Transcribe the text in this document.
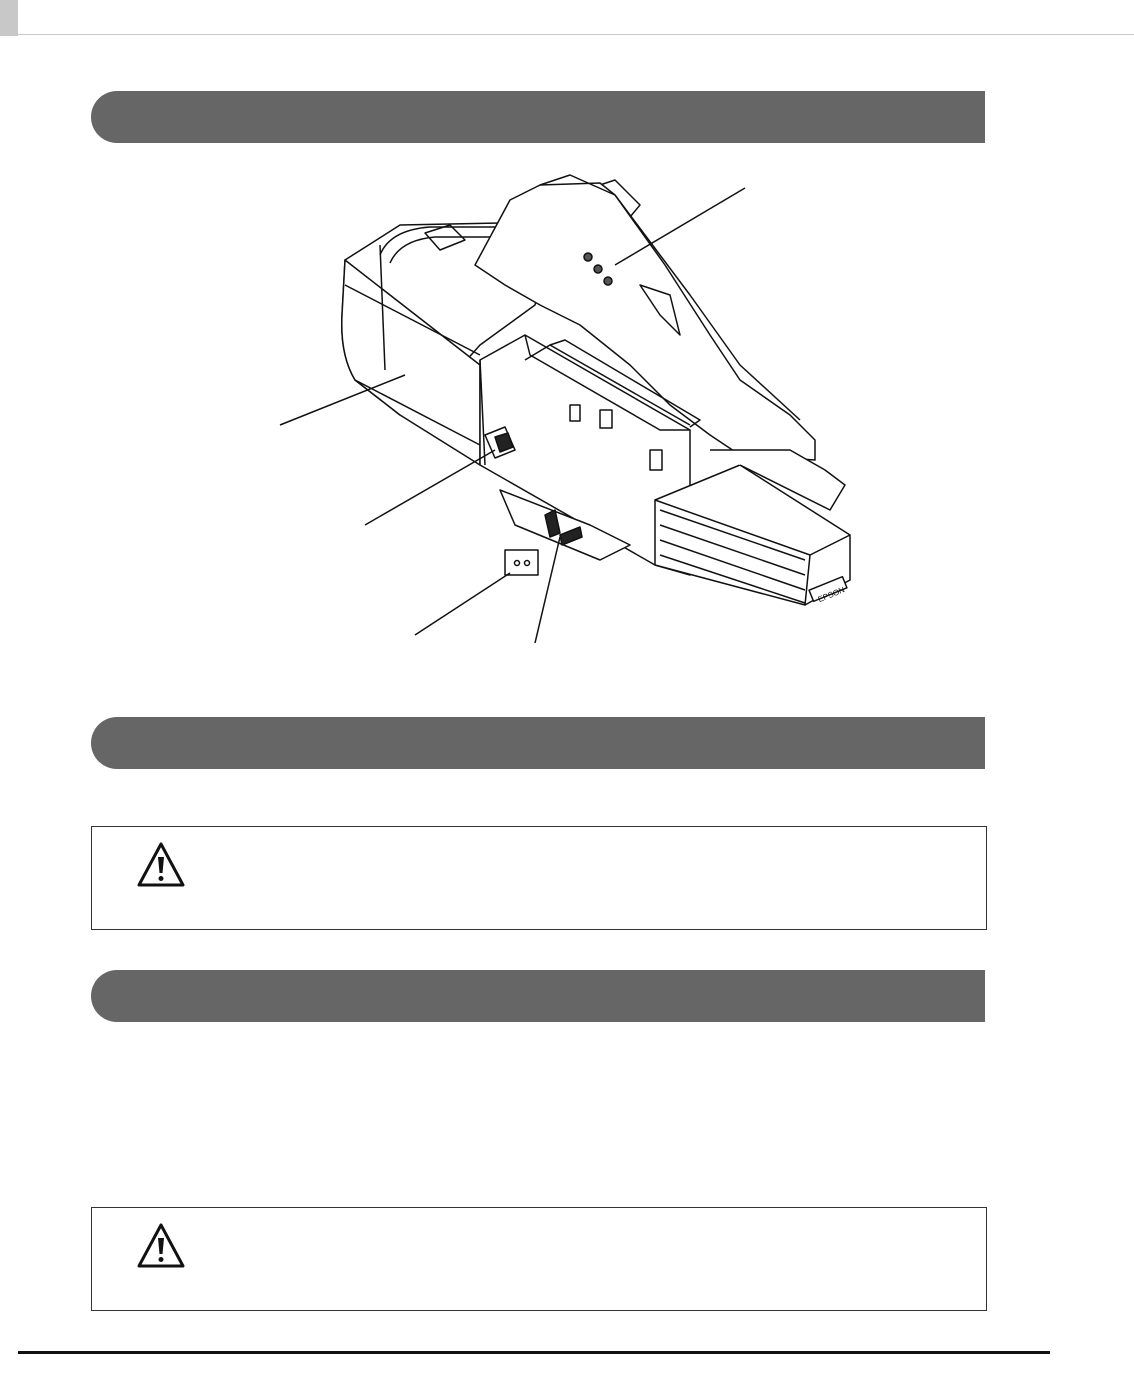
EPSON
